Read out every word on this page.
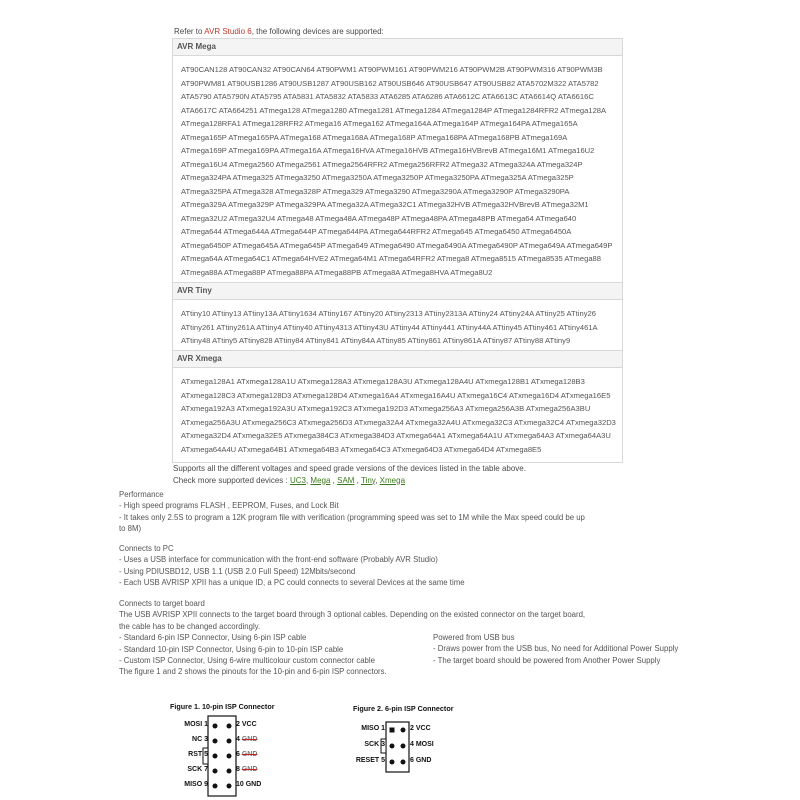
Refer to AVR Studio 6, the following devices are supported:
AVR Mega
AT90CAN128 AT90CAN32 AT90CAN64 AT90PWM1 AT90PWM161 AT90PWM216 AT90PWM2B AT90PWM316 AT90PWM3B
AT90PWM81 AT90USB1286 AT90USB1287 AT90USB162 AT90USB646 AT90USB647 AT90USB82 ATA5702M322 ATA5782
ATA5790 ATA5790N ATA5795 ATA5831 ATA5832 ATA5833 ATA6285 ATA6286 ATA6612C ATA6613C ATA6614Q ATA6616C
ATA6617C ATA664251 ATmega128 ATmega1280 ATmega1281 ATmega1284 ATmega1284P ATmega1284RFR2 ATmega128A
ATmega128RFA1 ATmega128RFR2 ATmega16 ATmega162 ATmega164A ATmega164P ATmega164PA ATmega165A
ATmega165P ATmega165PA ATmega168 ATmega168A ATmega168P ATmega168PA ATmega168PB ATmega169A
ATmega169P ATmega169PA ATmega16A ATmega16HVA ATmega16HVB ATmega16HVBrevB ATmega16M1 ATmega16U2
ATmega16U4 ATmega2560 ATmega2561 ATmega2564RFR2 ATmega256RFR2 ATmega32 ATmega324A ATmega324P
ATmega324PA ATmega325 ATmega3250 ATmega3250A ATmega3250P ATmega3250PA ATmega325A ATmega325P
ATmega325PA ATmega328 ATmega328P ATmega329 ATmega3290 ATmega3290A ATmega3290P ATmega3290PA
ATmega329A ATmega329P ATmega329PA ATmega32A ATmega32C1 ATmega32HVB ATmega32HVBrevB ATmega32M1
ATmega32U2 ATmega32U4 ATmega48 ATmega48A ATmega48P ATmega48PA ATmega48PB ATmega64 ATmega640
ATmega644 ATmega644A ATmega644P ATmega644PA ATmega644RFR2 ATmega645 ATmega6450 ATmega6450A
ATmega6450P ATmega645A ATmega645P ATmega649 ATmega6490 ATmega6490A ATmega6490P ATmega649A ATmega649P
ATmega64A ATmega64C1 ATmega64HVE2 ATmega64M1 ATmega64RFR2 ATmega8 ATmega8515 ATmega8535 ATmega88
ATmega88A ATmega88P ATmega88PA ATmega88PB ATmega8A ATmega8HVA ATmega8U2
AVR Tiny
ATtiny10 ATtiny13 ATtiny13A ATtiny1634 ATtiny167 ATtiny20 ATtiny2313 ATtiny2313A ATtiny24 ATtiny24A ATtiny25 ATtiny26
ATtiny261 ATtiny261A ATtiny4 ATtiny40 ATtiny4313 ATtiny43U ATtiny44 ATtiny441 ATtiny44A ATtiny45 ATtiny461 ATtiny461A
ATtiny48 ATtiny5 ATtiny828 ATtiny84 ATtiny841 ATtiny84A ATtiny85 ATtiny861 ATtiny861A ATtiny87 ATtiny88 ATtiny9
AVR Xmega
ATxmega128A1 ATxmega128A1U ATxmega128A3 ATxmega128A3U ATxmega128A4U ATxmega128B1 ATxmega128B3
ATxmega128C3 ATxmega128D3 ATxmega128D4 ATxmega16A4 ATxmega16A4U ATxmega16C4 ATxmega16D4 ATxmega16E5
ATxmega192A3 ATxmega192A3U ATxmega192C3 ATxmega192D3 ATxmega256A3 ATxmega256A3B ATxmega256A3BU
ATxmega256A3U ATxmega256C3 ATxmega256D3 ATxmega32A4 ATxmega32A4U ATxmega32C3 ATxmega32C4 ATxmega32D3
ATxmega32D4 ATxmega32E5 ATxmega384C3 ATxmega384D3 ATxmega64A1 ATxmega64A1U ATxmega64A3 ATxmega64A3U
ATxmega64A4U ATxmega64B1 ATxmega64B3 ATxmega64C3 ATxmega64D3 ATxmega64D4 ATxmega8E5
Supports all the different voltages and speed grade versions of the devices listed in the table above.
Check more supported devices : UC3, Mega , SAM , Tiny, Xmega
Performance
- High speed programs FLASH , EEPROM, Fuses, and Lock Bit
- It takes only 2.5S to program a 12K program file with verification (programming speed was set to 1M while the Max speed could be up
to 8M)
Connects to PC
- Uses a USB interface for communication with the front-end software (Probably AVR Studio)
- Using PDIUSBD12, USB 1.1 (USB 2.0 Full Speed) 12Mbits/second
- Each USB AVRISP XPII has a unique ID, a PC could connects to several Devices at the same time
Connects to target board
The USB AVRISP XPII connects to the target board through 3 optional cables. Depending on the existed connector on the target board,
the cable has to be changed accordingly.
- Standard 6-pin ISP Connector, Using 6-pin ISP cable
- Standard 10-pin ISP Connector, Using 6-pin to 10-pin ISP cable
- Custom ISP Connector, Using 6-wire multicolour custom connector cable
The figure 1 and 2 shows the pinouts for the 10-pin and 6-pin ISP connectors.
Powered from USB bus
- Draws power from the USB bus, No need for Additional Power Supply
- The target board should be powered from Another Power Supply
Figure 1. 10-pin ISP Connector
MOSI 1
NC 3
RST 5
SCK 7
MISO 9
2 VCC
4 GND
6 GND
8 GND
10 GND
Figure 2. 6-pin ISP Connector
MISO 1
SCK 3
RESET 5
2 VCC
4 MOSI
6 GND
